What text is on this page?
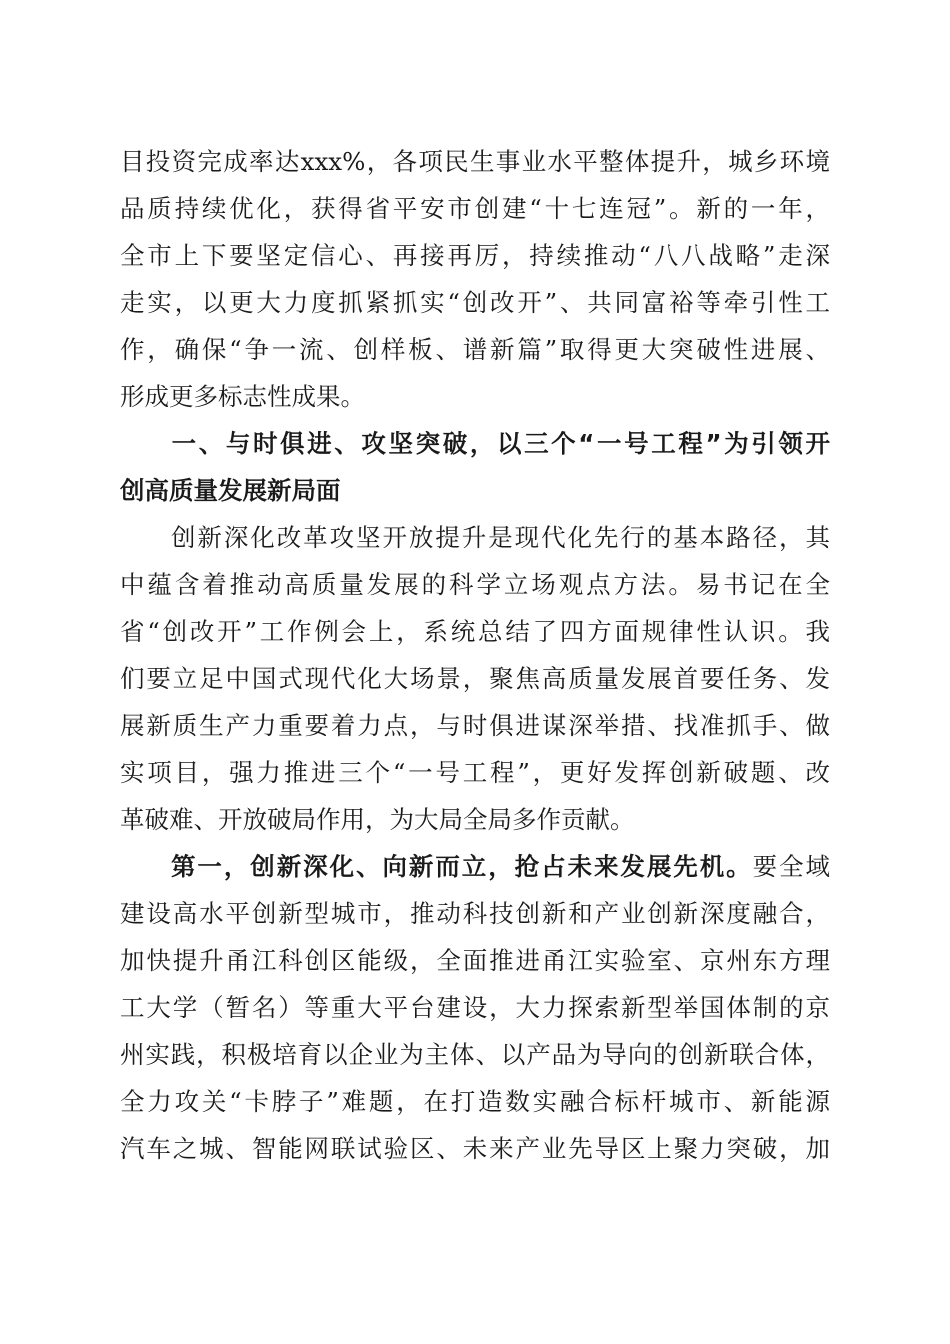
目投资完成率达xxx%，各项民生事业水平整体提升，城乡环境
品质持续优化，获得省平安市创建“十七连冠”。新的一年，
全市上下要坚定信心、再接再厉，持续推动“八八战略”走深
走实，以更大力度抓紧抓实“创改开”、共同富裕等牵引性工
作，确保“争一流、创样板、谱新篇”取得更大突破性进展、
形成更多标志性成果。
一、与时俱进、攻坚突破，以三个“一号工程”为引领开
创高质量发展新局面
创新深化改革攻坚开放提升是现代化先行的基本路径，其
中蕴含着推动高质量发展的科学立场观点方法。易书记在全
省“创改开”工作例会上，系统总结了四方面规律性认识。我
们要立足中国式现代化大场景，聚焦高质量发展首要任务、发
展新质生产力重要着力点，与时俱进谋深举措、找准抓手、做
实项目，强力推进三个“一号工程”，更好发挥创新破题、改
革破难、开放破局作用，为大局全局多作贡献。
第一，创新深化、向新而立，抢占未来发展先机。要全域
建设高水平创新型城市，推动科技创新和产业创新深度融合，
加快提升甬江科创区能级，全面推进甬江实验室、京州东方理
工大学（暂名）等重大平台建设，大力探索新型举国体制的京
州实践，积极培育以企业为主体、以产品为导向的创新联合体，
全力攻关“卡脖子”难题，在打造数实融合标杆城市、新能源
汽车之城、智能网联试验区、未来产业先导区上聚力突破，加
